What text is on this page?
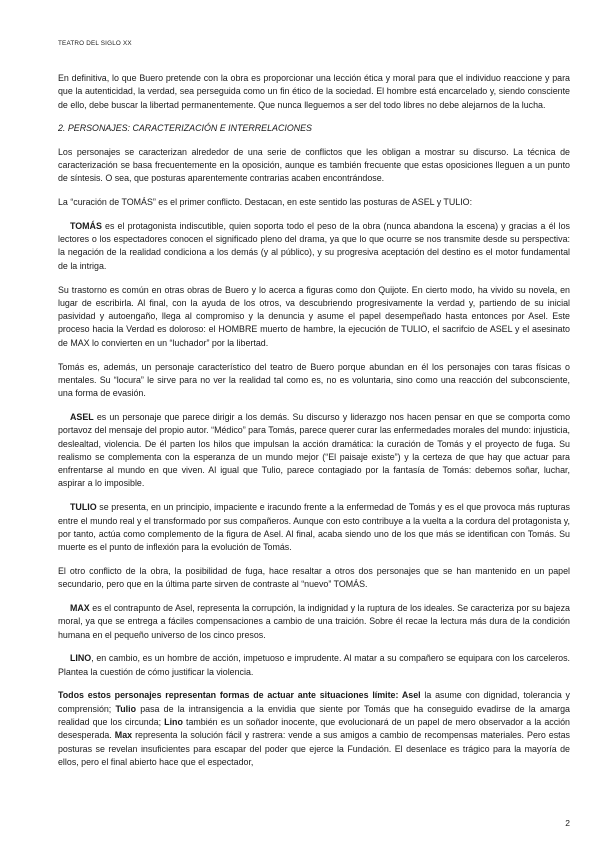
TEATRO DEL SIGLO XX

En definitiva, lo que Buero pretende con la obra es proporcionar una lección ética y moral para que el individuo reaccione y para que la autenticidad, la verdad, sea perseguida como un fin ético de la sociedad. El hombre está encarcelado y, siendo consciente de ello, debe buscar la libertad permanentemente. Que nunca lleguemos a ser del todo libres no debe alejarnos de la lucha.

2. PERSONAJES: CARACTERIZACIÓN E INTERRELACIONES

Los personajes se caracterizan alrededor de una serie de conflictos que les obligan a mostrar su discurso. La técnica de caracterización se basa frecuentemente en la oposición, aunque es también frecuente que estas oposiciones lleguen a un punto de síntesis. O sea, que posturas aparentemente contrarias acaben encontrándose.

La “curación de TOMÁS” es el primer conflicto. Destacan, en este sentido las posturas de ASEL y TULIO:

TOMÁS es el protagonista indiscutible, quien soporta todo el peso de la obra (nunca abandona la escena) y gracias a él los lectores o los espectadores conocen el significado pleno del drama, ya que lo que ocurre se nos transmite desde su perspectiva: la negación de la realidad condiciona a los demás (y al público), y su progresiva aceptación del destino es el motor fundamental de la intriga.

Su trastorno es común en otras obras de Buero y lo acerca a figuras como don Quijote. En cierto modo, ha vivido su novela, en lugar de escribirla. Al final, con la ayuda de los otros, va descubriendo progresivamente la verdad y, partiendo de su inicial pasividad y autoengaño, llega al compromiso y la denuncia y asume el papel desempeñado hasta entonces por Asel. Este proceso hacia la Verdad es doloroso: el HOMBRE muerto de hambre, la ejecución de TULIO, el sacrifcio de ASEL y el asesinato de MAX lo convierten en un “luchador” por la libertad.

Tomás es, además, un personaje característico del teatro de Buero porque abundan en él los personajes con taras físicas o mentales. Su “locura” le sirve para no ver la realidad tal como es, no es voluntaria, sino como una reacción del subconsciente, una forma de evasión.

ASEL es un personaje que parece dirigir a los demás. Su discurso y liderazgo nos hacen pensar en que se comporta como portavoz del mensaje del propio autor. “Médico” para Tomás, parece querer curar las enfermedades morales del mundo: injusticia, deslealtad, violencia. De él parten los hilos que impulsan la acción dramática: la curación de Tomás y el proyecto de fuga. Su realismo se complementa con la esperanza de un mundo mejor (“El paisaje existe”) y la certeza de que hay que actuar para enfrentarse al mundo en que viven. Al igual que Tulio, parece contagiado por la fantasía de Tomás: debemos soñar, luchar, aspirar a lo imposible.

TULIO se presenta, en un principio, impaciente e iracundo frente a la enfermedad de Tomás y es el que provoca más rupturas entre el mundo real y el transformado por sus compañeros. Aunque con esto contribuye a la vuelta a la cordura del protagonista y, por tanto, actúa como complemento de la figura de Asel. Al final, acaba siendo uno de los que más se identifican con Tomás. Su muerte es el punto de inflexión para la evolución de Tomás.

El otro conflicto de la obra, la posibilidad de fuga, hace resaltar a otros dos personajes que se han mantenido en un papel secundario, pero que en la última parte sirven de contraste al “nuevo” TOMÁS.

MAX es el contrapunto de Asel, representa la corrupción, la indignidad y la ruptura de los ideales. Se caracteriza por su bajeza moral, ya que se entrega a fáciles compensaciones a cambio de una traición. Sobre él recae la lectura más dura de la condición humana en el pequeño universo de los cinco presos.

LINO, en cambio, es un hombre de acción, impetuoso e imprudente. Al matar a su compañero se equipara con los carceleros. Plantea la cuestión de cómo justificar la violencia.

Todos estos personajes representan formas de actuar ante situaciones límite: Asel la asume con dignidad, tolerancia y comprensión; Tulio pasa de la intransigencia a la envidia que siente por Tomás que ha conseguido evadirse de la amarga realidad que los circunda; Lino también es un soñador inocente, que evolucionará de un papel de mero observador a la acción desesperada. Max representa la solución fácil y rastrera: vende a sus amigos a cambio de recompensas materiales. Pero estas posturas se revelan insuficientes para escapar del poder que ejerce la Fundación. El desenlace es trágico para la mayoría de ellos, pero el final abierto hace que el espectador,

2
